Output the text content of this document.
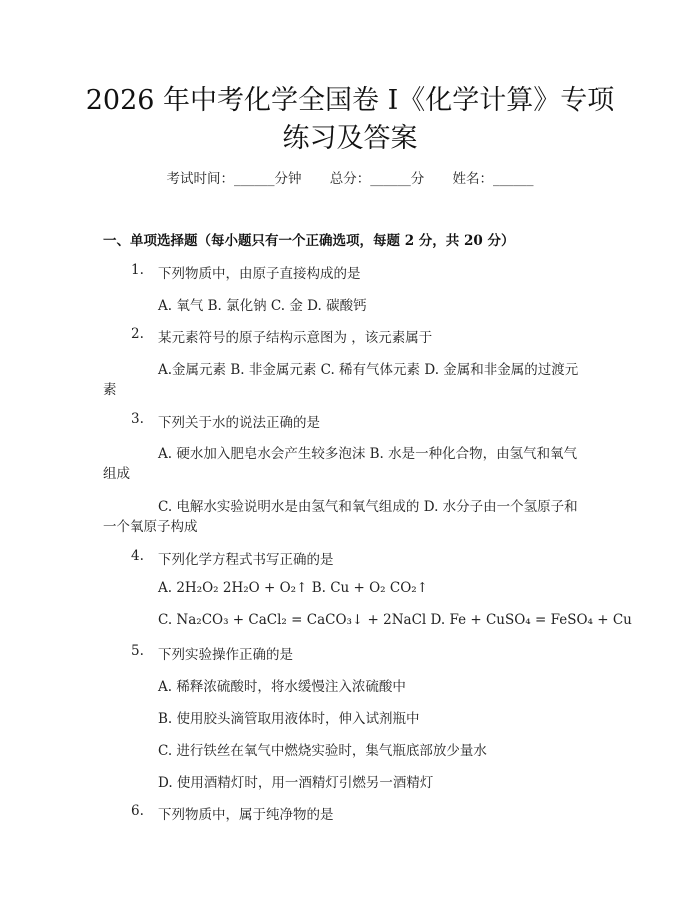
2026 年中考化学全国卷 I《化学计算》专项
练习及答案
考试时间：______分钟 总分：______分 姓名：______
一、单项选择题（每小题只有一个正确选项，每题 2 分，共 20 分）
1. 下列物质中，由原子直接构成的是
A. 氧气 B. 氯化钠 C. 金 D. 碳酸钙
2. 某元素符号的原子结构示意图为 ，该元素属于
A.金属元素 B. 非金属元素 C. 稀有气体元素 D. 金属和非金属的过渡元
素
3. 下列关于水的说法正确的是
A. 硬水加入肥皂水会产生较多泡沫 B. 水是一种化合物，由氢气和氧气
组成
C. 电解水实验说明水是由氢气和氧气组成的 D. 水分子由一个氢原子和
一个氧原子构成
4. 下列化学方程式书写正确的是
A. 2H₂O₂ 2H₂O + O₂↑ B. Cu + O₂ CO₂↑
C. Na₂CO₃ + CaCl₂ = CaCO₃↓ + 2NaCl D. Fe + CuSO₄ = FeSO₄ + Cu
5. 下列实验操作正确的是
A. 稀释浓硫酸时，将水缓慢注入浓硫酸中
B. 使用胶头滴管取用液体时，伸入试剂瓶中
C. 进行铁丝在氧气中燃烧实验时，集气瓶底部放少量水
D. 使用酒精灯时，用一酒精灯引燃另一酒精灯
6. 下列物质中，属于纯净物的是
